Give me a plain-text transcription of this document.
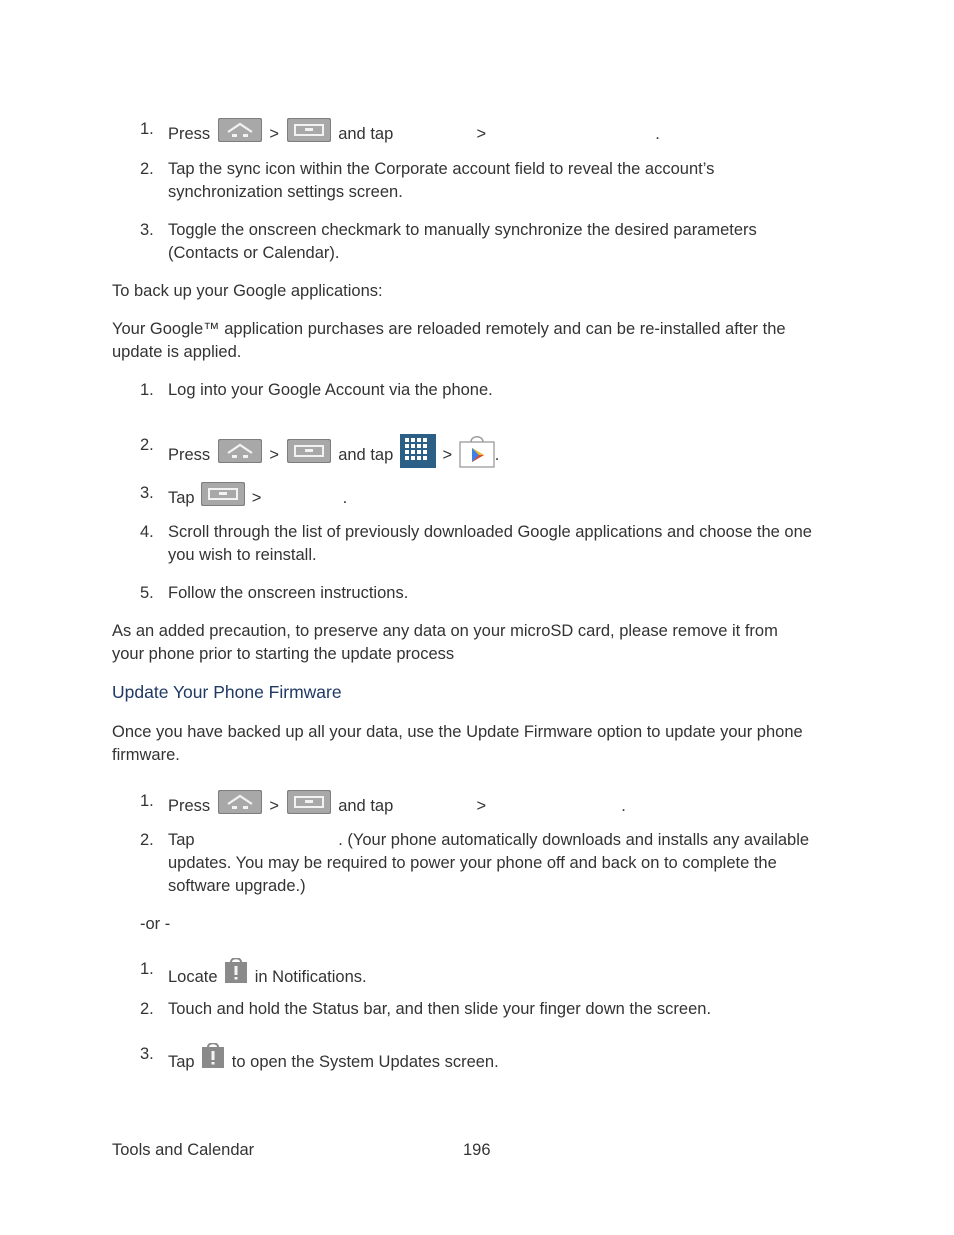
1. Press	>	and tap	>	.
2. Tap the sync icon within the Corporate account field to reveal the account’s
synchronization settings screen.
3. Toggle the onscreen checkmark to manually synchronize the desired parameters
(Contacts or Calendar).
To back up your Google applications:
Your Google™ application purchases are reloaded remotely and can be re-installed after the
update is applied.
1. Log into your Google Account via the phone.
2.
Press	>	and tap	>	.
3. Tap	>	.
4. Scroll through the list of previously downloaded Google applications and choose the one
you wish to reinstall.
5. Follow the onscreen instructions.
As an added precaution, to preserve any data on your microSD card, please remove it from
your phone prior to starting the update process
Update Your Phone Firmware
Once you have backed up all your data, use the Update Firmware option to update your phone
firmware.
1. Press	>	and tap	>	.
2. Tap	. (Your phone automatically downloads and installs any available
updates. You may be required to power your phone off and back on to complete the
software upgrade.)
-or -
1. Locate in Notifications.
2. Touch and hold the Status bar, and then slide your finger down the screen.
3. Tap to open the System Updates screen.
Tools and Calendar	196
